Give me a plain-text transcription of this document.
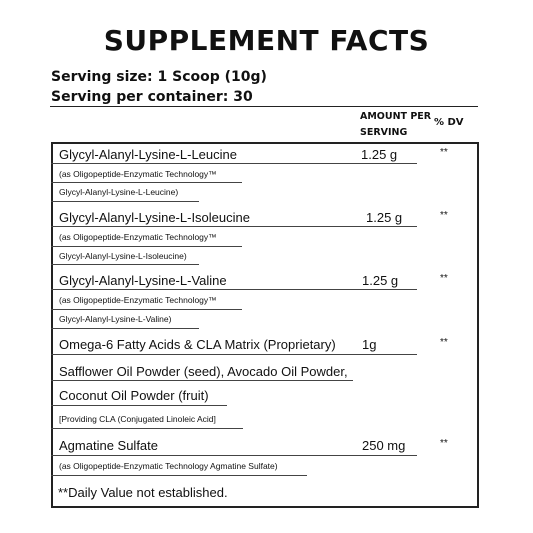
SUPPLEMENT FACTS
Serving size: 1 Scoop (10g)
Serving per container: 30
AMOUNT PER
SERVING
% DV
Glycyl-Alanyl-Lysine-L-Leucine	1.25 g	**
(as Oligopeptide-Enzymatic Technology™
Glycyl-Alanyl-Lysine-L-Leucine)
Glycyl-Alanyl-Lysine-L-Isoleucine	1.25 g	**
(as Oligopeptide-Enzymatic Technology™
Glycyl-Alanyl-Lysine-L-Isoleucine)
Glycyl-Alanyl-Lysine-L-Valine	1.25 g	**
(as Oligopeptide-Enzymatic Technology™
Glycyl-Alanyl-Lysine-L-Valine)
Omega-6 Fatty Acids & CLA Matrix (Proprietary) 1g	**
Safflower Oil Powder (seed), Avocado Oil Powder,
Coconut Oil Powder (fruit)
[Providing CLA (Conjugated Linoleic Acid]
Agmatine Sulfate	250 mg	**
(as Oligopeptide-Enzymatic Technology Agmatine Sulfate)
**Daily Value not established.
